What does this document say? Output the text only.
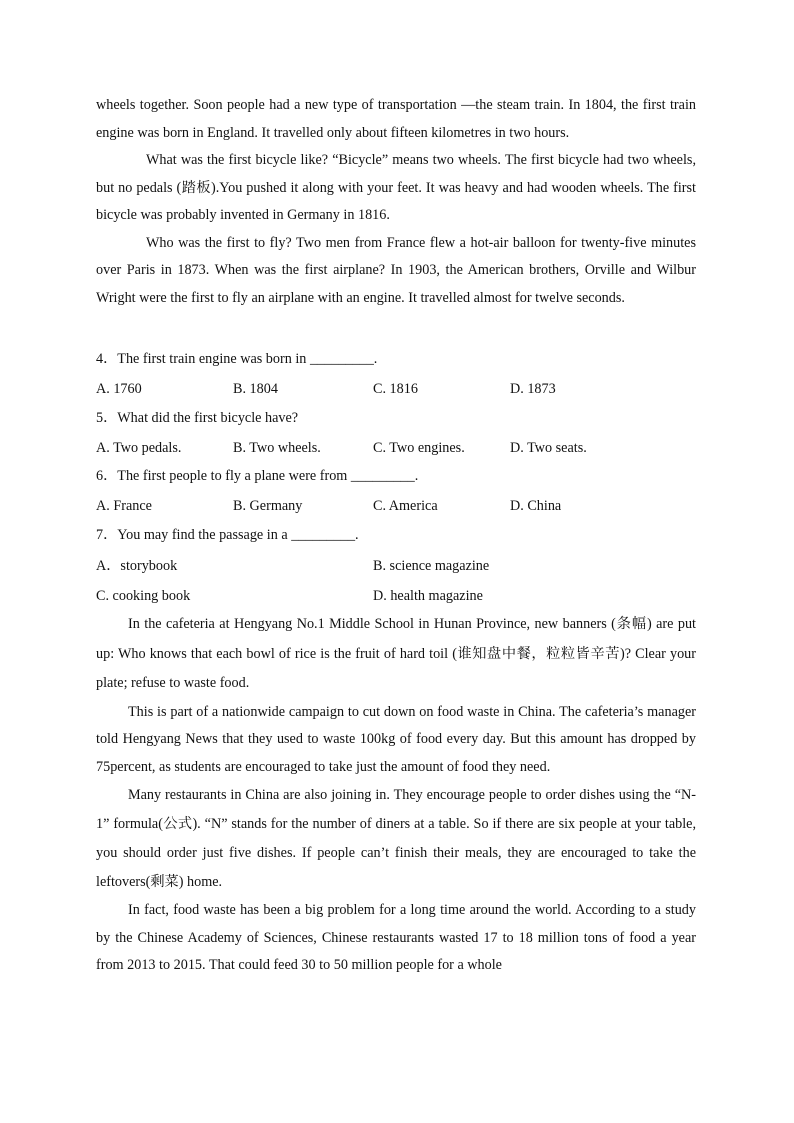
wheels together. Soon people had a new type of transportation —the steam train. In 1804, the first train engine was born in England. It travelled only about fifteen kilometres in two hours.

What was the first bicycle like? “Bicycle” means two wheels. The first bicycle had two wheels, but no pedals (踏板).You pushed it along with your feet. It was heavy and had wooden wheels. The first bicycle was probably invented in Germany in 1816.

Who was the first to fly? Two men from France flew a hot-air balloon for twenty-five minutes over Paris in 1873. When was the first airplane? In 1903, the American brothers, Orville and Wilbur Wright were the first to fly an airplane with an engine. It travelled almost for twelve seconds.

4．The first train engine was born in _________.

A. 1760	B. 1804	C. 1816	D. 1873

5．What did the first bicycle have?

A. Two pedals.	B. Two wheels.	C. Two engines.	D. Two seats.

6．The first people to fly a plane were from _________.

A. France	B. Germany	C. America	D. China

7．You may find the passage in a _________.

A．storybook	B. science magazine
C. cooking book	D. health magazine

In the cafeteria at Hengyang No.1 Middle School in Hunan Province, new banners (条幅) are put up: Who knows that each bowl of rice is the fruit of hard toil (谁知盘中餐，粒粒皆辛苦)? Clear your plate; refuse to waste food.

This is part of a nationwide campaign to cut down on food waste in China. The cafeteria’s manager told Hengyang News that they used to waste 100kg of food every day. But this amount has dropped by 75percent, as students are encouraged to take just the amount of food they need.

Many restaurants in China are also joining in. They encourage people to order dishes using the “N-1” formula(公式). “N” stands for the number of diners at a table. So if there are six people at your table, you should order just five dishes. If people can’t finish their meals, they are encouraged to take the leftovers(剩菜) home.

In fact, food waste has been a big problem for a long time around the world. According to a study by the Chinese Academy of Sciences, Chinese restaurants wasted 17 to 18 million tons of food a year from 2013 to 2015. That could feed 30 to 50 million people for a whole
